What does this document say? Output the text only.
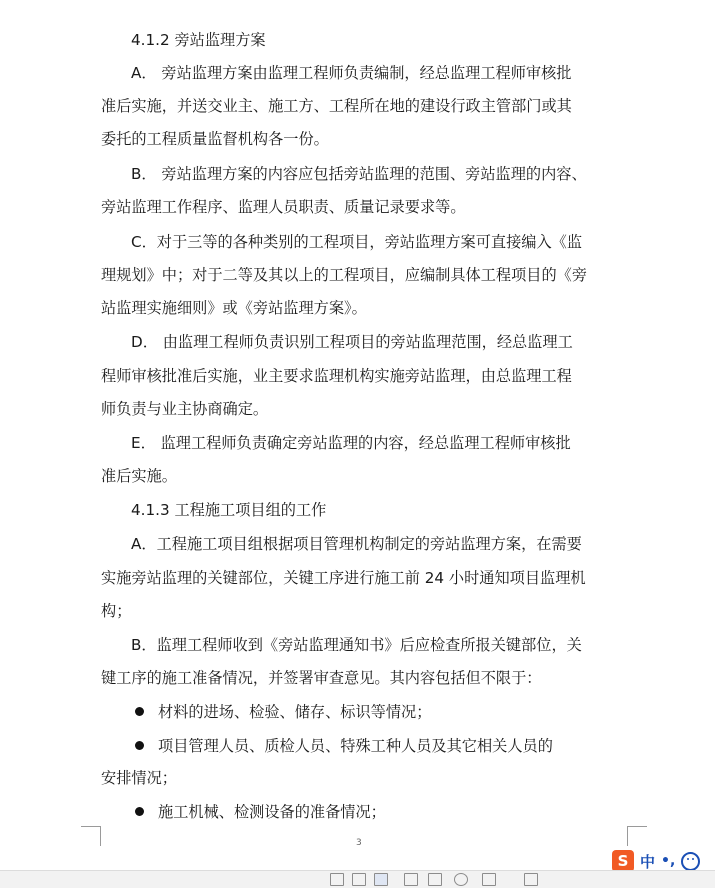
4.1.2 旁站监理方案
A． 旁站监理方案由监理工程师负责编制，经总监理工程师审核批
准后实施，并送交业主、施工方、工程所在地的建设行政主管部门或其
委托的工程质量监督机构各一份。
B． 旁站监理方案的内容应包括旁站监理的范围、旁站监理的内容、
旁站监理工作程序、监理人员职责、质量记录要求等。
C．对于三等的各种类别的工程项目，旁站监理方案可直接编入《监
理规划》中；对于二等及其以上的工程项目，应编制具体工程项目的《旁
站监理实施细则》或《旁站监理方案》。
D． 由监理工程师负责识别工程项目的旁站监理范围，经总监理工
程师审核批准后实施，业主要求监理机构实施旁站监理，由总监理工程
师负责与业主协商确定。
E． 监理工程师负责确定旁站监理的内容，经总监理工程师审核批
准后实施。
4.1.3 工程施工项目组的工作
A．工程施工项目组根据项目管理机构制定的旁站监理方案，在需要
实施旁站监理的关键部位，关键工序进行施工前 24 小时通知项目监理机
构；
B．监理工程师收到《旁站监理通知书》后应检查所报关键部位，关
键工序的施工准备情况，并签署审查意见。其内容包括但不限于：
材料的进场、检验、储存、标识等情况；
项目管理人员、质检人员、特殊工种人员及其它相关人员的
安排情况；
施工机械、检测设备的准备情况；
3
S 中 •,
